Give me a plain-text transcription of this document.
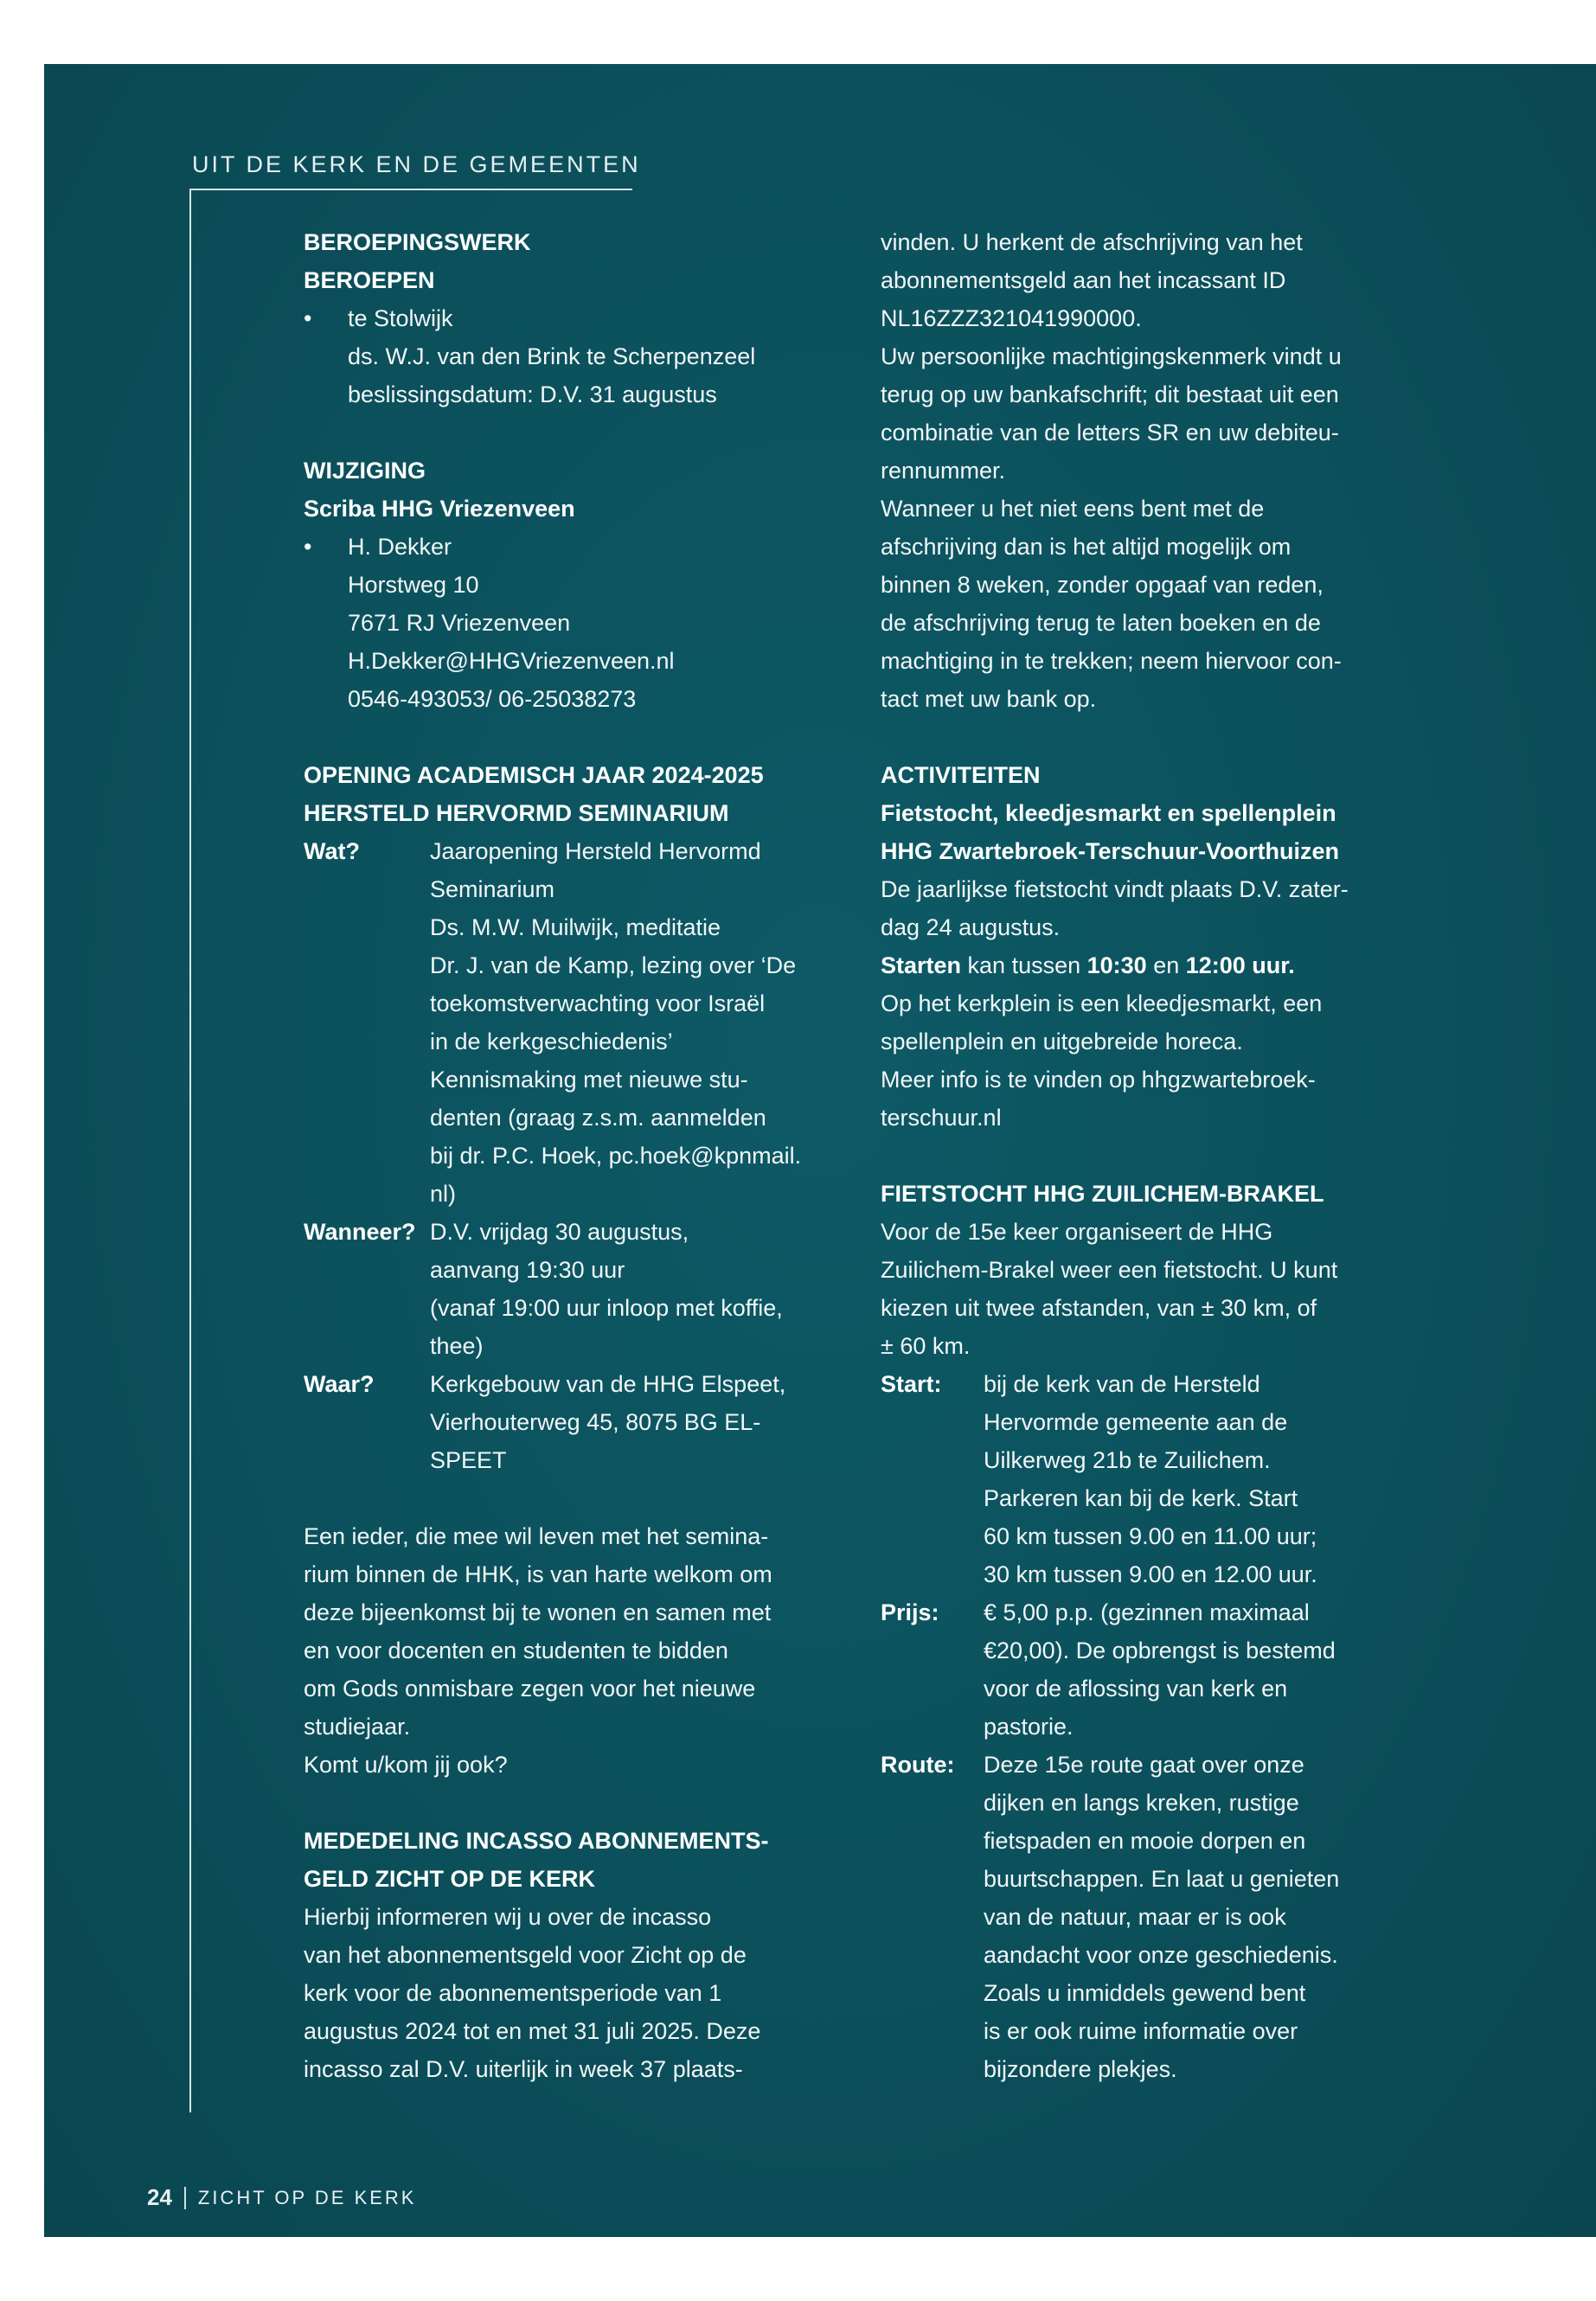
UIT DE KERK EN DE GEMEENTEN

BEROEPINGSWERK

BEROEPEN

•	te Stolwijk

ds. W.J. van den Brink te Scherpenzeel

beslissingsdatum: D.V. 31 augustus

WIJZIGING

Scriba HHG Vriezenveen

•	H. Dekker

Horstweg 10

7671 RJ Vriezenveen

H.Dekker@HHGVriezenveen.nl

0546-493053/ 06-25038273

OPENING ACADEMISCH JAAR 2024-2025

HERSTELD HERVORMD SEMINARIUM

Wat?	Jaaropening Hersteld Hervormd

Seminarium

Ds. M.W. Muilwijk, meditatie

Dr. J. van de Kamp, lezing over ‘De

toekomstverwachting voor Israël

in de kerkgeschiedenis’

Kennismaking met nieuwe stu-

denten (graag z.s.m. aanmelden

bij dr. P.C. Hoek, pc.hoek@kpnmail.

nl)

Wanneer? D.V. vrijdag 30 augustus,

aanvang 19:30 uur

(vanaf 19:00 uur inloop met koffie,

thee)

Waar?	Kerkgebouw van de HHG Elspeet,

Vierhouterweg 45, 8075 BG EL-

SPEET

Een ieder, die mee wil leven met het semina-

rium binnen de HHK, is van harte welkom om

deze bijeenkomst bij te wonen en samen met

en voor docenten en studenten te bidden

om Gods onmisbare zegen voor het nieuwe

studiejaar.

Komt u/kom jij ook?

MEDEDELING INCASSO ABONNEMENTS-

GELD ZICHT OP DE KERK

Hierbij informeren wij u over de incasso

van het abonnementsgeld voor Zicht op de

kerk voor de abonnementsperiode van 1

augustus 2024 tot en met 31 juli 2025. Deze

incasso zal D.V. uiterlijk in week 37 plaats-

vinden. U herkent de afschrijving van het

abonnementsgeld aan het incassant ID

NL16ZZZ321041990000.

Uw persoonlijke machtigingskenmerk vindt u

terug op uw bankafschrift; dit bestaat uit een

combinatie van de letters SR en uw debiteu-

rennummer.

Wanneer u het niet eens bent met de

afschrijving dan is het altijd mogelijk om

binnen 8 weken, zonder opgaaf van reden,

de afschrijving terug te laten boeken en de

machtiging in te trekken; neem hiervoor con-

tact met uw bank op.

ACTIVITEITEN

Fietstocht, kleedjesmarkt en spellenplein

HHG Zwartebroek-Terschuur-Voorthuizen

De jaarlijkse fietstocht vindt plaats D.V. zater-

dag 24 augustus.

Starten kan tussen 10:30 en 12:00 uur.

Op het kerkplein is een kleedjesmarkt, een

spellenplein en uitgebreide horeca.

Meer info is te vinden op hhgzwartebroek-

terschuur.nl

FIETSTOCHT HHG ZUILICHEM-BRAKEL

Voor de 15e keer organiseert de HHG

Zuilichem-Brakel weer een fietstocht. U kunt

kiezen uit twee afstanden, van ± 30 km, of

± 60 km.

Start:	bij de kerk van de Hersteld

Hervormde gemeente aan de

Uilkerweg 21b te Zuilichem.

Parkeren kan bij de kerk. Start

60 km tussen 9.00 en 11.00 uur;

30 km tussen 9.00 en 12.00 uur.

Prijs:	€ 5,00 p.p. (gezinnen maximaal

€20,00). De opbrengst is bestemd

voor de aflossing van kerk en

pastorie.

Route:	Deze 15e route gaat over onze

dijken en langs kreken, rustige

fietspaden en mooie dorpen en

buurtschappen. En laat u genieten

van de natuur, maar er is ook

aandacht voor onze geschiedenis.

Zoals u inmiddels gewend bent

is er ook ruime informatie over

bijzondere plekjes.

24 ZICHT OP DE KERK
